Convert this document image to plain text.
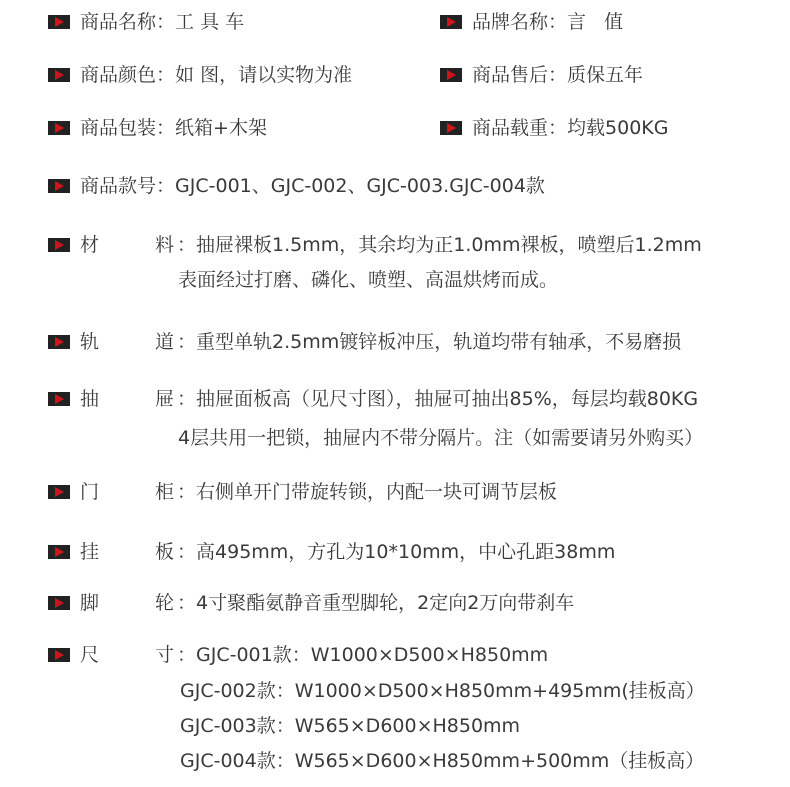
商品名称 ： 工 具 车	品牌名称 ： 言   值
商品颜色 ： 如 图，请以实物为准	商品售后 ： 质保五年
商品包装 ： 纸箱+木架	商品载重 ： 均载500KG
商品款号 ： GJC-001、GJC-002、GJC-003.GJC-004款
材	料 ： 抽屉裸板1.5mm，其余均为正1.0mm裸板，喷塑后1.2mm
表面经过打磨、磷化、喷塑、高温烘烤而成。
轨	道 ： 重型单轨2.5mm镀锌板冲压，轨道均带有轴承，不易磨损
抽	屉 ： 抽屉面板高（见尺寸图），抽屉可抽出85%，每层均载80KG
4层共用一把锁，抽屉内不带分隔片。注（如需要请另外购买）
门	柜 ： 右侧单开门带旋转锁，内配一块可调节层板
挂	板 ： 高495mm，方孔为10*10mm，中心孔距38mm
脚	轮 ： 4寸聚酯氨静音重型脚轮，2定向2万向带刹车
尺	寸 ： GJC-001款：W1000×D500×H850mm
GJC-002款：W1000×D500×H850mm+495mm(挂板高）
GJC-003款：W565×D600×H850mm
GJC-004款：W565×D600×H850mm+500mm（挂板高）
